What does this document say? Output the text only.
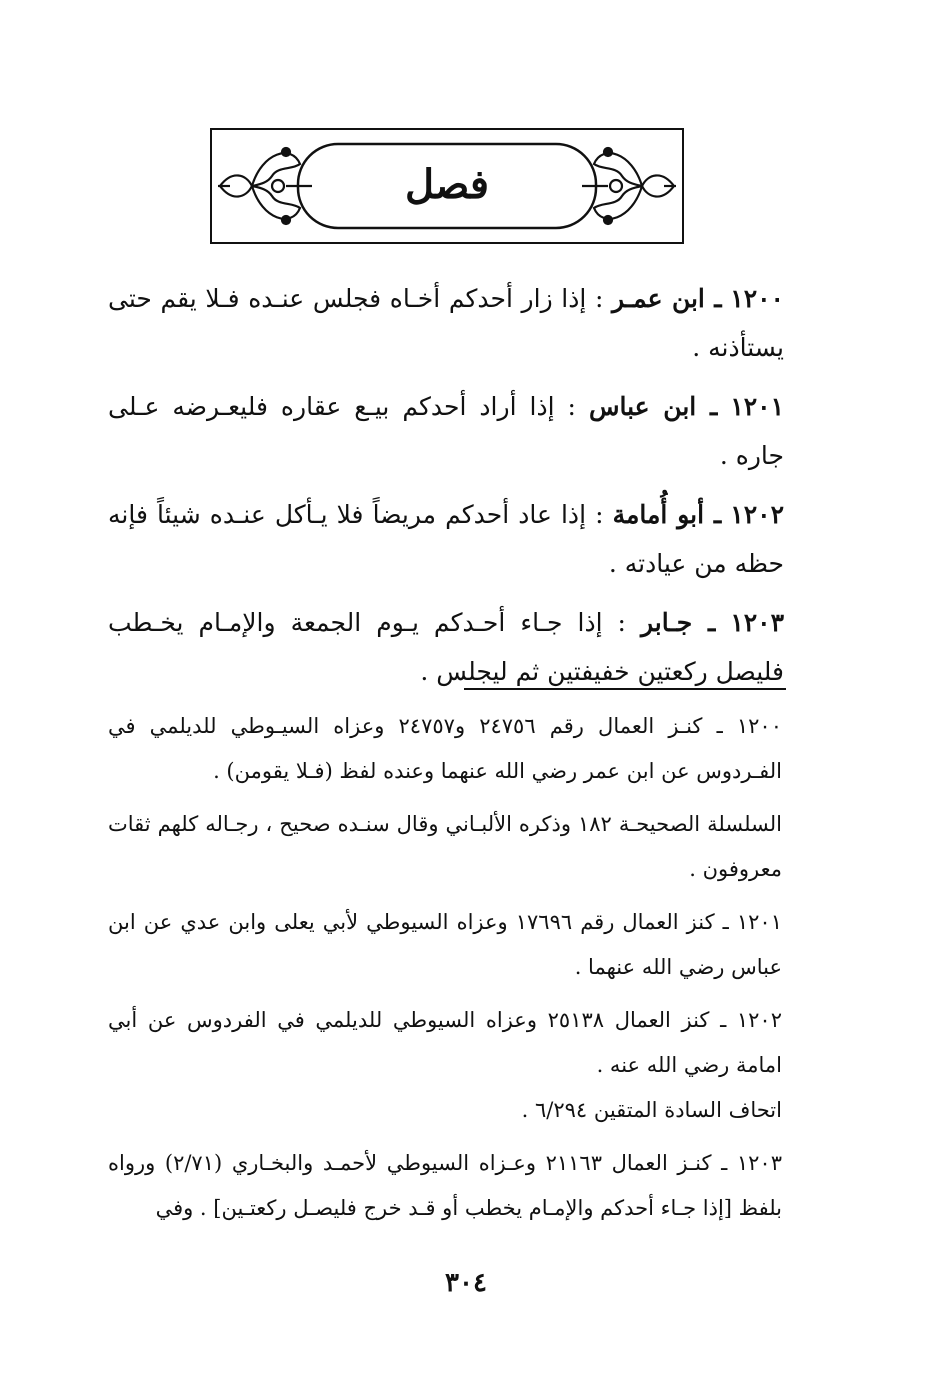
فصل

١٢٠٠ ـ ابن عمـر : إذا زار أحدكم أخـاه فجلس عنـده فـلا يقم حتى يستأذنه .

١٢٠١ ـ ابن عباس : إذا أراد أحدكم بيـع عقاره فليعـرضه عـلى جاره .

١٢٠٢ ـ أبو أُمامة : إذا عاد أحدكم مريضاً فلا يـأكل عنـده شيئاً فإنه حظه من عيادته .

١٢٠٣ ـ جـابر : إذا جـاء أحـدكم يـوم الجمعة والإمـام يخـطب فليصل ركعتين خفيفتين ثم ليجلس .

١٢٠٠ ـ كنـز العمال رقم ٢٤٧٥٦ و٢٤٧٥٧ وعزاه السيـوطي للديلمي في الفـردوس عن ابن عمر رضي الله عنهما وعنده لفظ (فـلا يقومن) .

السلسلة الصحيحـة ١٨٢ وذكره الألبـاني وقال سنـده صحيح ، رجـاله كلهم ثقات معروفون .

١٢٠١ ـ كنز العمال رقم ١٧٦٩٦ وعزاه السيوطي لأبي يعلى وابن عدي عن ابن عباس رضي الله عنهما .

١٢٠٢ ـ كنز العمال ٢٥١٣٨ وعزاه السيوطي للديلمي في الفردوس عن أبي امامة رضي الله عنه .

اتحاف السادة المتقين ٦/٢٩٤ .

١٢٠٣ ـ كنـز العمال ٢١١٦٣ وعـزاه السيوطي لأحمـد والبخـاري (٢/٧١) ورواه بلفظ [إذا جـاء أحدكم والإمـام يخطب أو قـد خرج فليصـل ركعتـين] . وفي

٣٠٤
